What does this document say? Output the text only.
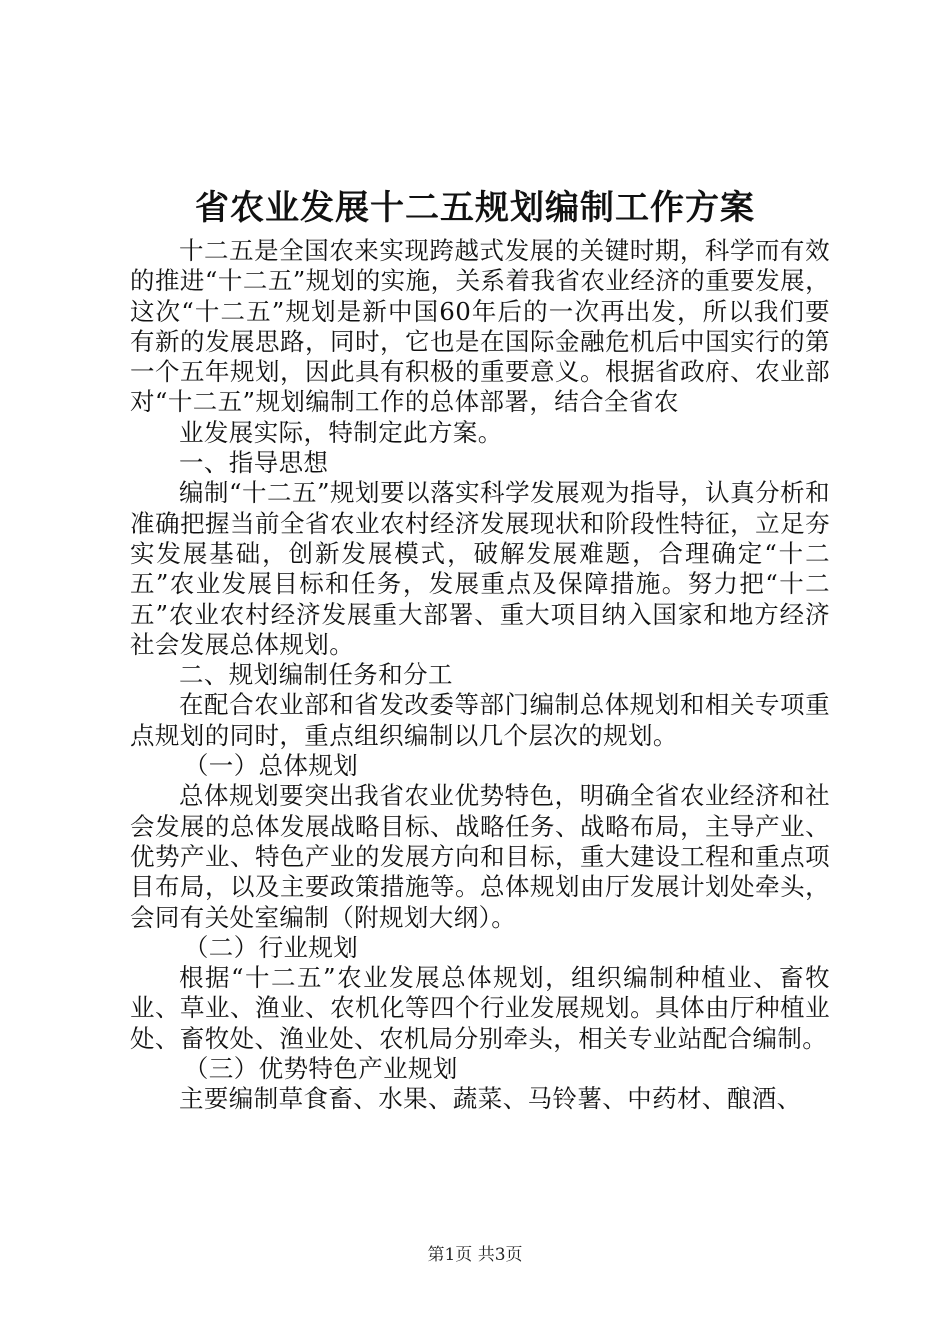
省农业发展十二五规划编制工作方案

十二五是全国农来实现跨越式发展的关键时期，科学而有效的推进“十二五”规划的实施，关系着我省农业经济的重要发展，这次“十二五”规划是新中国60年后的一次再出发，所以我们要有新的发展思路，同时，它也是在国际金融危机后中国实行的第一个五年规划，因此具有积极的重要意义。根据省政府、农业部对“十二五”规划编制工作的总体部署，结合全省农

业发展实际，特制定此方案。

一、指导思想

编制“十二五”规划要以落实科学发展观为指导，认真分析和准确把握当前全省农业农村经济发展现状和阶段性特征，立足夯实发展基础，创新发展模式，破解发展难题，合理确定“十二五”农业发展目标和任务，发展重点及保障措施。努力把“十二五”农业农村经济发展重大部署、重大项目纳入国家和地方经济社会发展总体规划。

二、规划编制任务和分工

在配合农业部和省发改委等部门编制总体规划和相关专项重点规划的同时，重点组织编制以几个层次的规划。

（一）总体规划

总体规划要突出我省农业优势特色，明确全省农业经济和社会发展的总体发展战略目标、战略任务、战略布局，主导产业、优势产业、特色产业的发展方向和目标，重大建设工程和重点项目布局，以及主要政策措施等。总体规划由厅发展计划处牵头，会同有关处室编制（附规划大纲）。

（二）行业规划

根据“十二五”农业发展总体规划，组织编制种植业、畜牧业、草业、渔业、农机化等四个行业发展规划。具体由厅种植业处、畜牧处、渔业处、农机局分别牵头，相关专业站配合编制。

（三）优势特色产业规划

主要编制草食畜、水果、蔬菜、马铃薯、中药材、酿酒、

第1页 共3页
